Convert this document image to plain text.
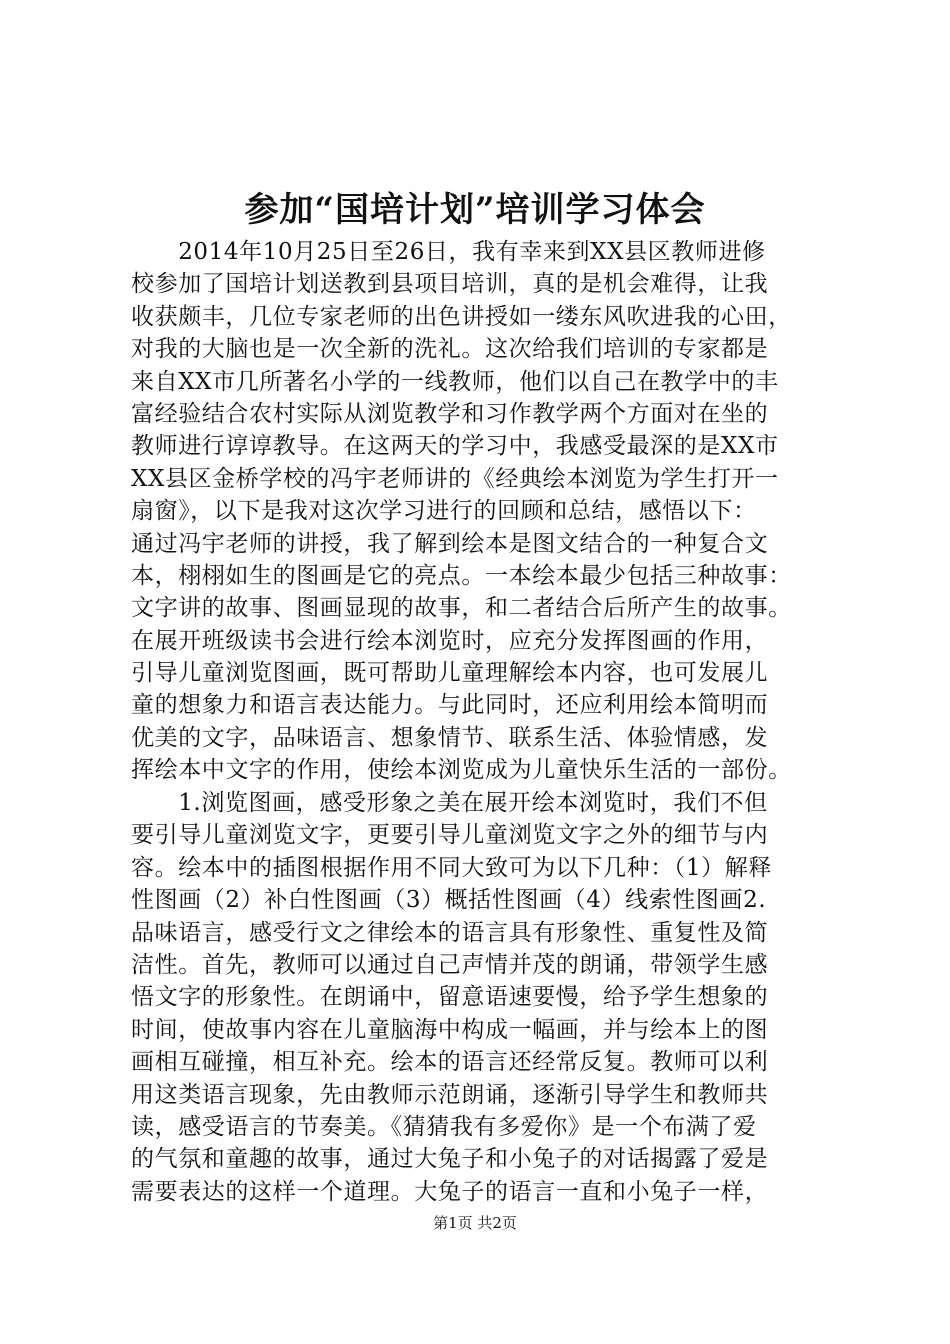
参加“国培计划”培训学习体会
　　2014年10月25日至26日，我有幸来到XX县区教师进修
校参加了国培计划送教到县项目培训，真的是机会难得，让我
收获颇丰，几位专家老师的出色讲授如一缕东风吹进我的心田，
对我的大脑也是一次全新的洗礼。这次给我们培训的专家都是
来自XX市几所著名小学的一线教师，他们以自己在教学中的丰
富经验结合农村实际从浏览教学和习作教学两个方面对在坐的
教师进行谆谆教导。在这两天的学习中，我感受最深的是XX市
XX县区金桥学校的冯宇老师讲的《经典绘本浏览为学生打开一
扇窗》，以下是我对这次学习进行的回顾和总结，感悟以下：
通过冯宇老师的讲授，我了解到绘本是图文结合的一种复合文
本，栩栩如生的图画是它的亮点。一本绘本最少包括三种故事：
文字讲的故事、图画显现的故事，和二者结合后所产生的故事。
在展开班级读书会进行绘本浏览时，应充分发挥图画的作用，
引导儿童浏览图画，既可帮助儿童理解绘本内容，也可发展儿
童的想象力和语言表达能力。与此同时，还应利用绘本简明而
优美的文字，品味语言、想象情节、联系生活、体验情感，发
挥绘本中文字的作用，使绘本浏览成为儿童快乐生活的一部份。
　　1.浏览图画，感受形象之美在展开绘本浏览时，我们不但
要引导儿童浏览文字，更要引导儿童浏览文字之外的细节与内
容。绘本中的插图根据作用不同大致可为以下几种：（1）解释
性图画（2）补白性图画（3）概括性图画（4）线索性图画2.
品味语言，感受行文之律绘本的语言具有形象性、重复性及简
洁性。首先，教师可以通过自己声情并茂的朗诵，带领学生感
悟文字的形象性。在朗诵中，留意语速要慢，给予学生想象的
时间，使故事内容在儿童脑海中构成一幅画，并与绘本上的图
画相互碰撞，相互补充。绘本的语言还经常反复。教师可以利
用这类语言现象，先由教师示范朗诵，逐渐引导学生和教师共
读，感受语言的节奏美。《猜猜我有多爱你》是一个布满了爱
的气氛和童趣的故事，通过大兔子和小兔子的对话揭露了爱是
需要表达的这样一个道理。大兔子的语言一直和小兔子一样，
第1页 共2页
